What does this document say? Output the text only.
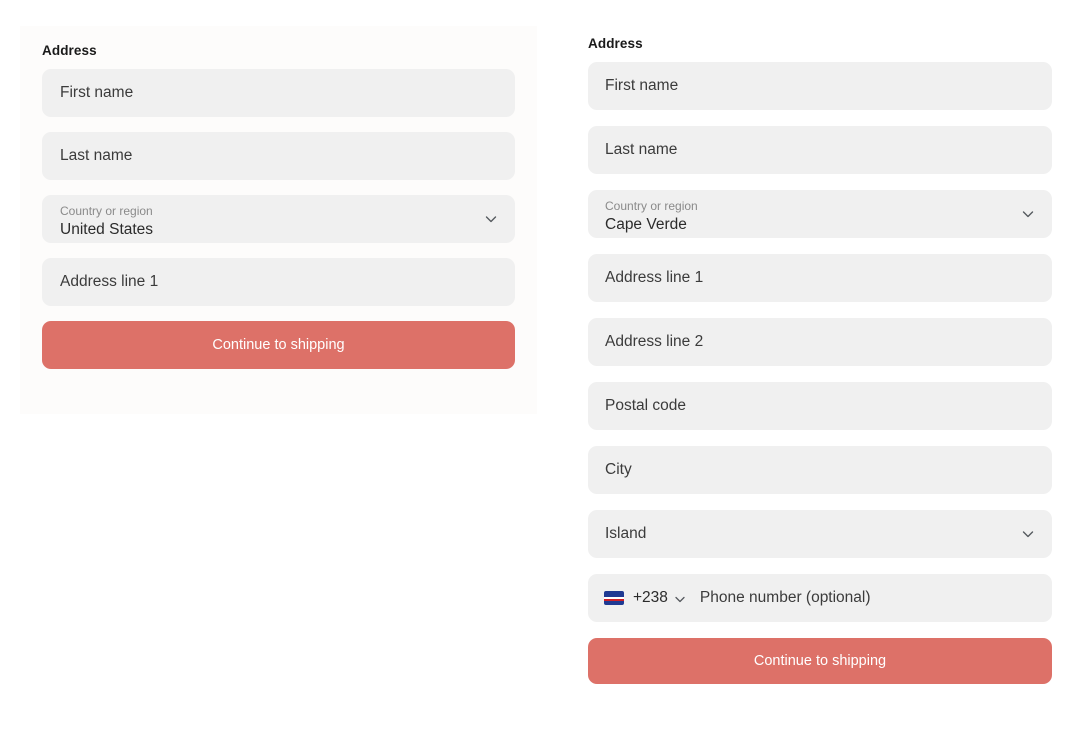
Address
First name
Last name
Country or region
United States
Address line 1
Continue to shipping
Address
First name
Last name
Country or region
Cape Verde
Address line 1
Address line 2
Postal code
City
Island
+238 Phone number (optional)
Continue to shipping
